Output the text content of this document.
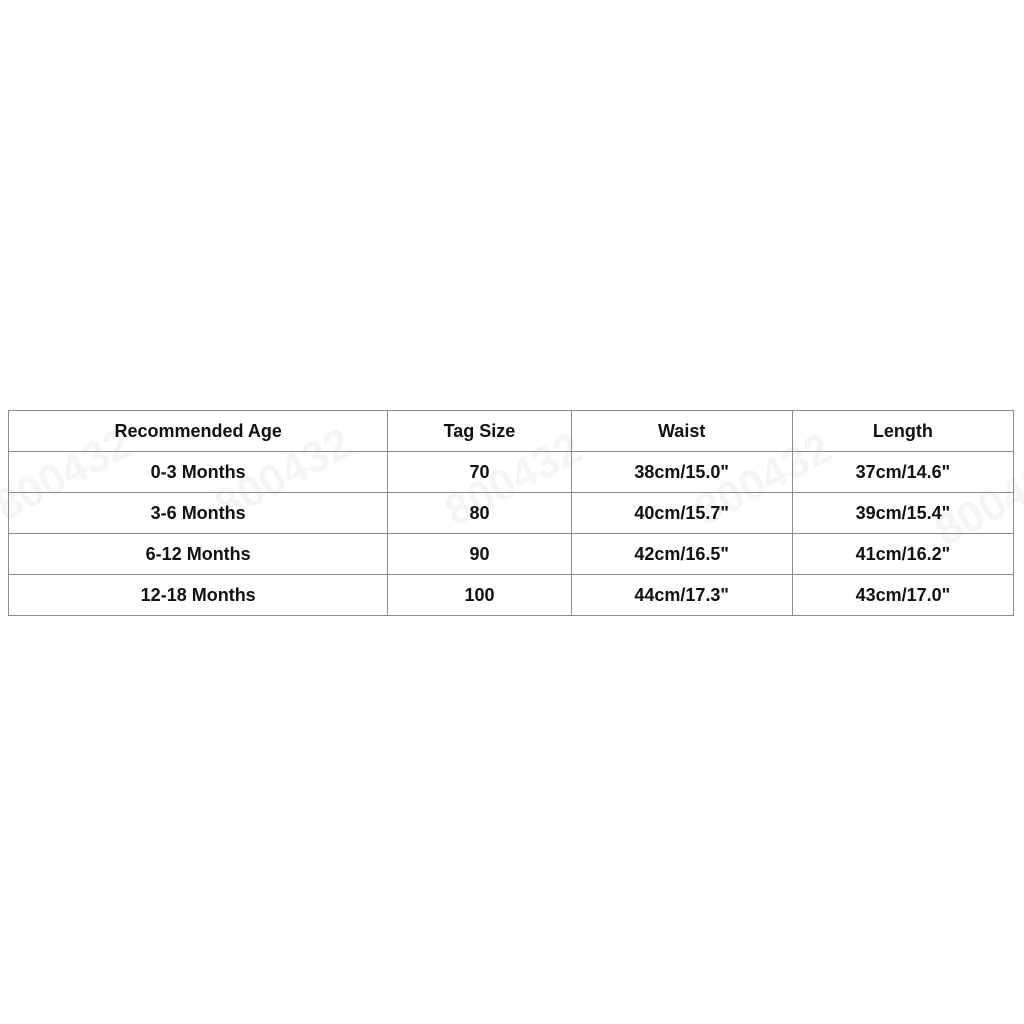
Recommended Age	Tag Size	Waist	Length
0-3 Months	70	38cm/15.0"	37cm/14.6"
3-6 Months	80	40cm/15.7"	39cm/15.4"
6-12 Months	90	42cm/16.5"	41cm/16.2"
12-18 Months	100	44cm/17.3"	43cm/17.0"
